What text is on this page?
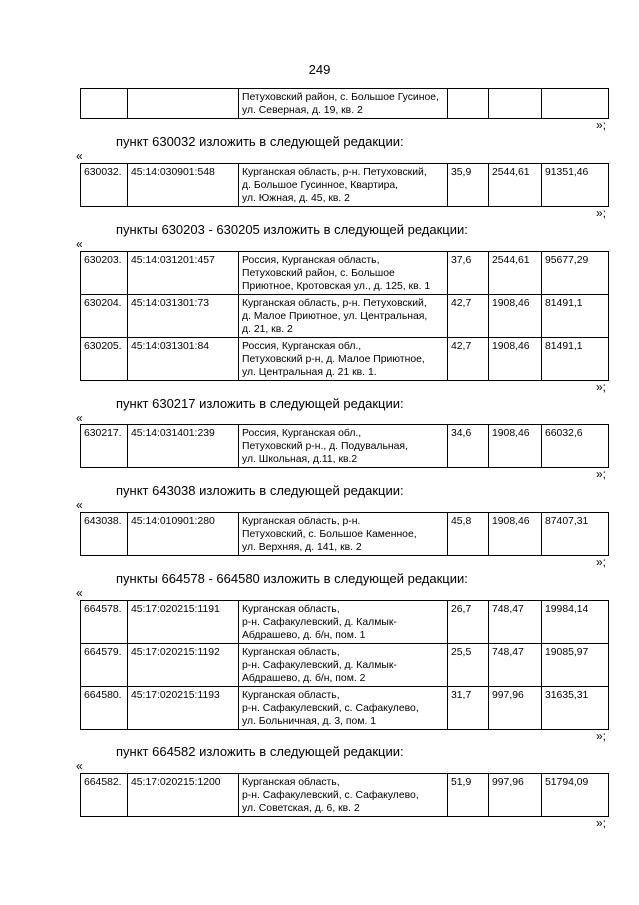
249
		Петуховский район, с. Большое Гусиное,
ул. Северная, д. 19, кв. 2			
»;
пункт 630032 изложить в следующей редакции:
«
630032.	45:14:030901:548	Курганская область, р-н. Петуховский,
д. Большое Гусинное, Квартира,
ул. Южная, д. 45, кв. 2	35,9	2544,61	91351,46
»;
пункты 630203 - 630205 изложить в следующей редакции:
«
630203.	45:14:031201:457	Россия, Курганская область,
Петуховский район, с. Большое
Приютное, Кротовская ул., д. 125, кв. 1	37,6	2544,61	95677,29
630204.	45:14:031301:73	Курганская область, р-н. Петуховский,
д. Малое Приютное, ул. Центральная,
д. 21, кв. 2	42,7	1908,46	81491,1
630205.	45:14:031301:84	Россия, Курганская обл.,
Петуховский р-н, д. Малое Приютное,
ул. Центральная д. 21 кв. 1.	42,7	1908,46	81491,1
»;
пункт 630217 изложить в следующей редакции:
«
630217.	45:14:031401:239	Россия, Курганская обл.,
Петуховский р-н., д. Подувальная,
ул. Школьная, д.11, кв.2	34,6	1908,46	66032,6
»;
пункт 643038 изложить в следующей редакции:
«
643038.	45:14:010901:280	Курганская область, р-н.
Петуховский, с. Большое Каменное,
ул. Верхняя, д. 141, кв. 2	45,8	1908,46	87407,31
»;
пункты 664578 - 664580 изложить в следующей редакции:
«
664578.	45:17:020215:1191	Курганская область,
р-н. Сафакулевский, д. Калмык-
Абдрашево, д. б/н, пом. 1	26,7	748,47	19984,14
664579.	45:17:020215:1192	Курганская область,
р-н. Сафакулевский, д. Калмык-
Абдрашево, д. б/н, пом. 2	25,5	748,47	19085,97
664580.	45:17:020215:1193	Курганская область,
р-н. Сафакулевский, с. Сафакулево,
ул. Больничная, д. 3, пом. 1	31,7	997,96	31635,31
»;
пункт 664582 изложить в следующей редакции:
«
664582.	45:17:020215:1200	Курганская область,
р-н. Сафакулевский, с. Сафакулево,
ул. Советская, д. 6, кв. 2	51,9	997,96	51794,09
»;
